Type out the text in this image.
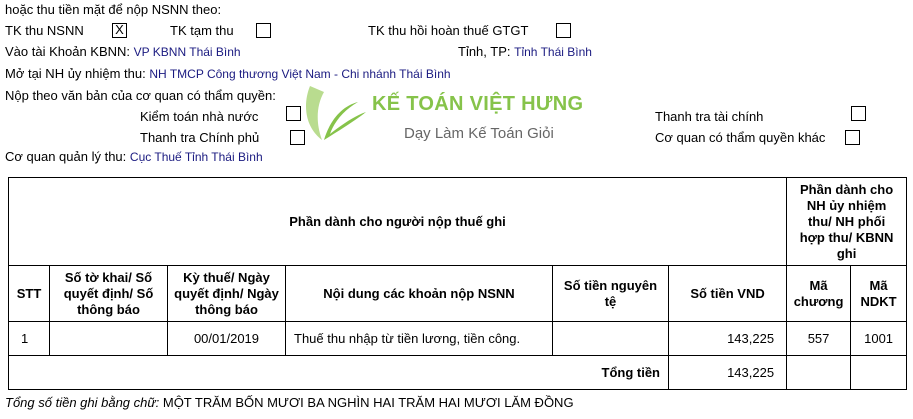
hoặc thu tiền mặt để nộp NSNN theo:
TK thu NSNN X	TK tạm thu	TK thu hồi hoàn thuế GTGT
Vào tài Khoản KBNN: VP KBNN Thái Bình	Tỉnh, TP: Tỉnh Thái Bình
Mở tại NH ủy nhiệm thu: NH TMCP Công thương Việt Nam - Chi nhánh Thái Bình
Nộp theo văn bản của cơ quan có thẩm quyền:
Kiểm toán nhà nước	Thanh tra tài chính
Thanh tra Chính phủ	Cơ quan có thẩm quyền khác
Cơ quan quản lý thu: Cục Thuế Tỉnh Thái Bình
KẾ TOÁN VIỆT HƯNG
Dạy Làm Kế Toán Giỏi
Phần dành cho người nộp thuế ghi						Phần dành cho NH ủy nhiệm thu/ NH phối hợp thu/ KBNN ghi	
STT	Số tờ khai/ Số quyết định/ Số thông báo	Kỳ thuế/ Ngày quyết định/ Ngày thông báo	Nội dung các khoản nộp NSNN	Số tiền nguyên tệ	Số tiền VND	Mã chương	Mã NDKT
1		00/01/2019	Thuế thu nhập từ tiền lương, tiền công.		143,225	557	1001
Tổng tiền					143,225		
Tổng số tiền ghi bằng chữ: MỘT TRĂM BỐN MƯƠI BA NGHÌN HAI TRĂM HAI MƯƠI LĂM ĐỒNG
